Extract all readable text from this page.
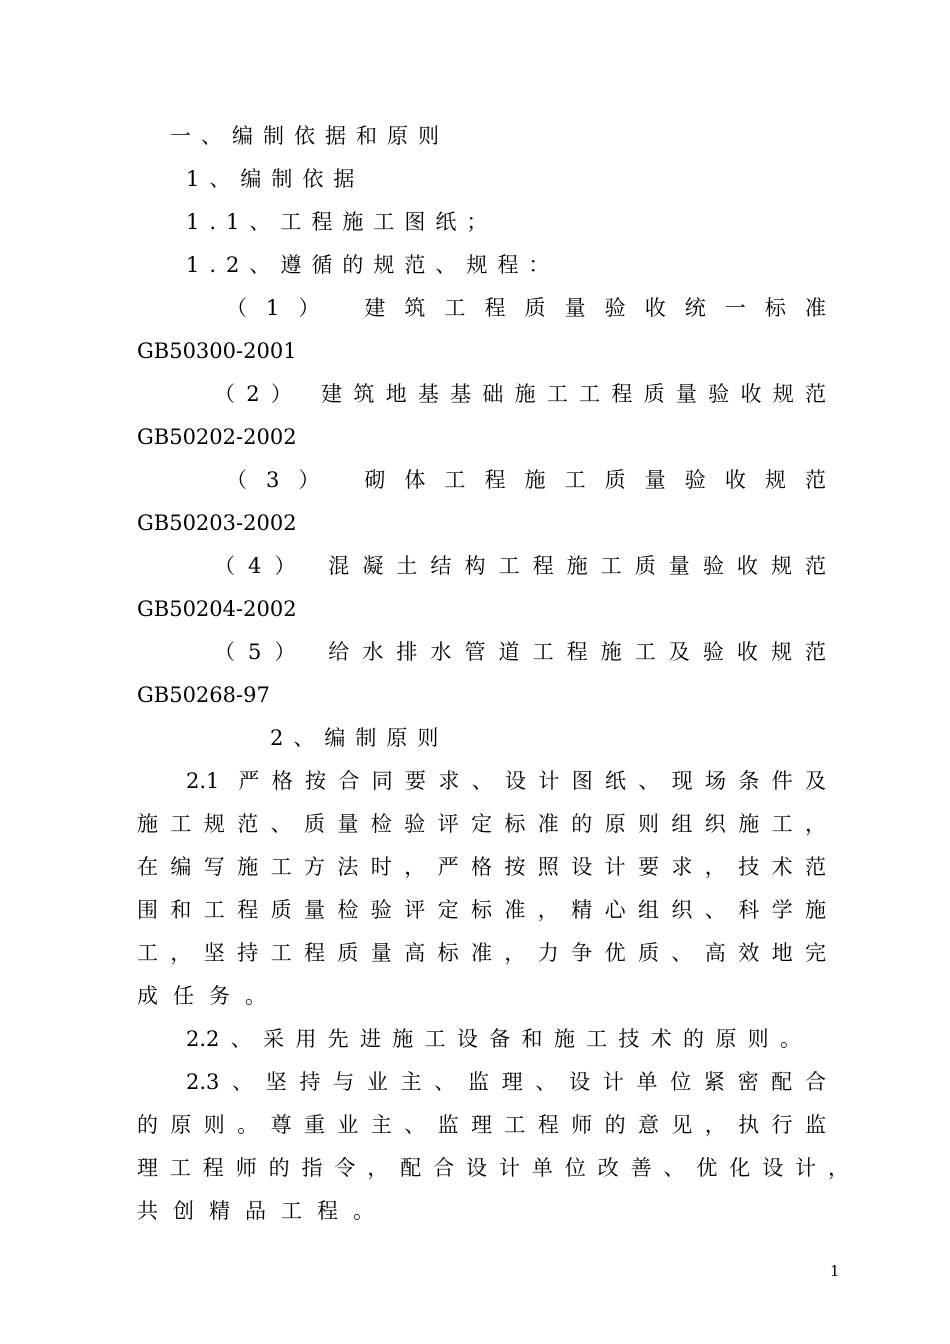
一、编制依据和原则
1、编制依据
1.1、工程施工图纸；
1.2、遵循的规范、规程：
（1） 建筑工程质量验收统一标准
GB50300-2001
（2） 建筑地基基础施工工程质量验收规范
GB50202-2002
（3） 砌体工程施工质量验收规范
GB50203-2002
（4） 混凝土结构工程施工质量验收规范
GB50204-2002
（5） 给水排水管道工程施工及验收规范
GB50268-97
2、编制原则
2.1 严格按合同要求、设计图纸、现场条件及
施工规范、质量检验评定标准的原则组织施工，
在编写施工方法时，严格按照设计要求，技术范
围和工程质量检验评定标准，精心组织、科学施
工，坚持工程质量高标准，力争优质、高效地完
成任务。
2.2、采用先进施工设备和施工技术的原则。
2.3、坚持与业主、监理、设计单位紧密配合
的原则。尊重业主、监理工程师的意见，执行监
理工程师的指令，配合设计单位改善、优化设计，
共创精品工程。
1
